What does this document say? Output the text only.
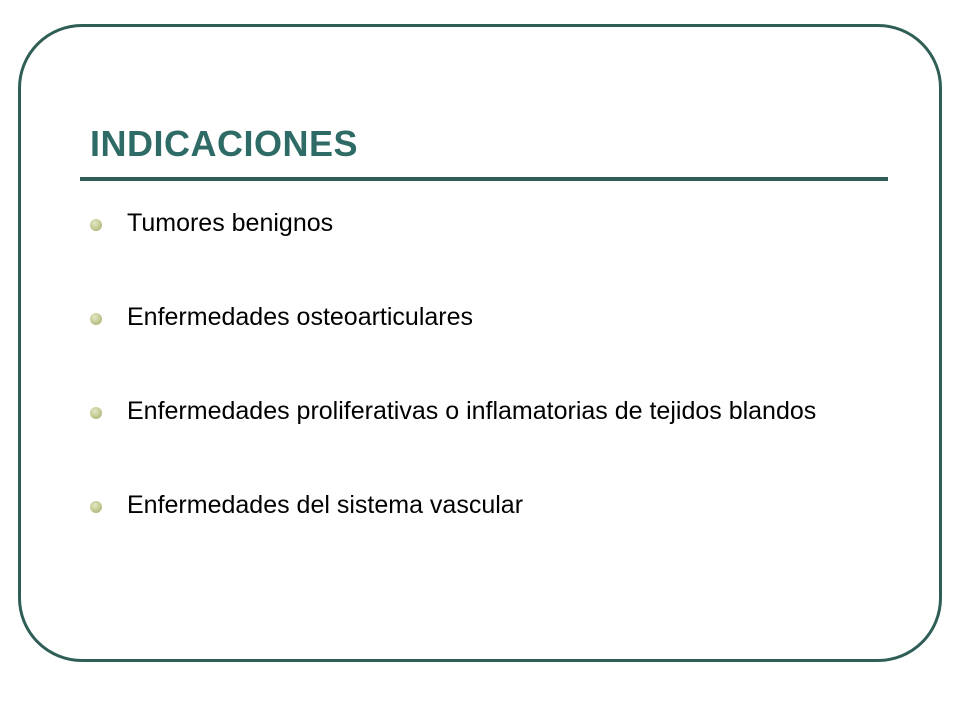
INDICACIONES
Tumores benignos
Enfermedades osteoarticulares
Enfermedades proliferativas o inflamatorias de tejidos blandos
Enfermedades del sistema vascular
